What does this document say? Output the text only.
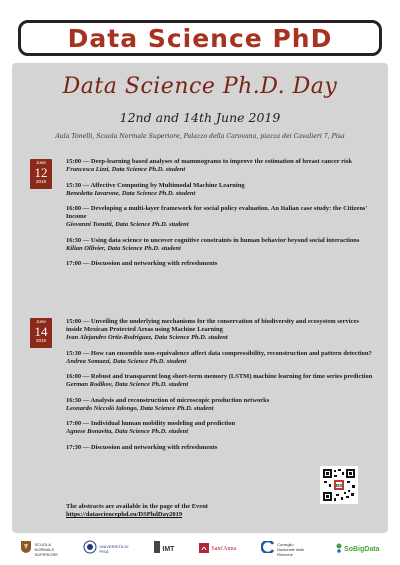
Data Science PhD
Data Science Ph.D. Day
12nd and 14th June 2019
Aula Tonelli, Scuola Normale Superiore, Palazzo della Carovana, piazza dei Cavalieri 7, Pisa
June
12
2019
15:00 — Deep-learning based analyses of mammograms to improve the estimation of breast cancer risk
Francesca Lizzi, Data Science Ph.D. student
15:30 — Affective Computing by Multimodal Machine Learning
Benedetta Iavarone, Data Science Ph.D. student
16:00 — Developing a multi-layer framework for social policy evaluation. An Italian case study: the Citizens' Income
Giovanni Tonutti, Data Science Ph.D. student
16:30 — Using data science to uncover cognitive constraints in human behavior beyond social interactions
Kilian Ollivier, Data Science Ph.D. student
17:00 — Discussion and networking with refreshments
June
14
2019
15:00 — Unveiling the underlying mechanisms for the conservation of biodiversity and ecosystem services inside Mexican Protected Areas using Machine Learning
Ivan Alejandro Ortiz-Rodriguez, Data Science Ph.D. student
15:30 — How can ensemble non-equivalence affect data compressibility, reconstruction and pattern detection?
Andrea Somazzi, Data Science Ph.D. student
16:00 — Robust and transparent long short-term memory (LSTM) machine learning for time series prediction
German Rodikov, Data Science Ph.D. student
16:30 — Analysis and reconstruction of microscopic production networks
Leonardo Niccolò Ialongo, Data Science Ph.D. student
17:00 — Individual human mobility modeling and prediction
Agnese Bonavita, Data Science Ph.D. student
17:30 — Discussion and networking with refreshments
The abstracts are available in the page of the Event
https://datasciencephd.eu/DSPhdDay2019
DS
SCUOLA NORMALE SUPERIORE
UNIVERSITÀ DI PISA	IMT	Sant'Anna
Consiglio Nazionale delle Ricerche
SoBigData
